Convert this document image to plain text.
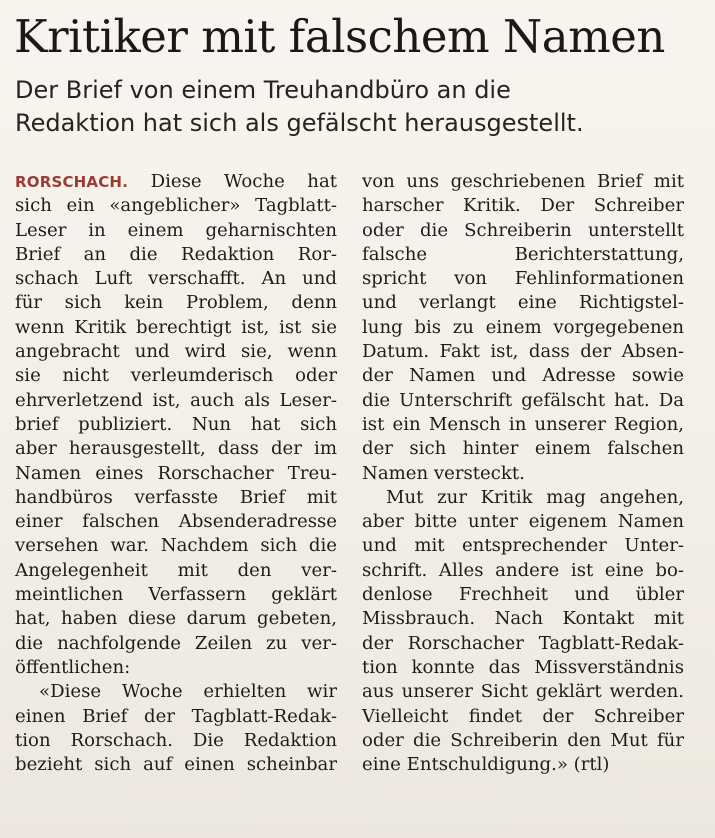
Kritiker mit falschem Namen
Der Brief von einem Treuhandbüro an die
Redaktion hat sich als gefälscht herausgestellt.
RORSCHACH. Diese Woche hat
sich ein «angeblicher» Tagblatt-
Leser in einem geharnischten
Brief an die Redaktion Ror-
schach Luft verschafft. An und
für sich kein Problem, denn
wenn Kritik berechtigt ist, ist sie
angebracht und wird sie, wenn
sie nicht verleumderisch oder
ehrverletzend ist, auch als Leser-
brief publiziert. Nun hat sich
aber herausgestellt, dass der im
Namen eines Rorschacher Treu-
handbüros verfasste Brief mit
einer falschen Absenderadresse
versehen war. Nachdem sich die
Angelegenheit mit den ver-
meintlichen Verfassern geklärt
hat, haben diese darum gebeten,
die nachfolgende Zeilen zu ver-
öffentlichen:
«Diese Woche erhielten wir
einen Brief der Tagblatt-Redak-
tion Rorschach. Die Redaktion
bezieht sich auf einen scheinbar
von uns geschriebenen Brief mit
harscher Kritik. Der Schreiber
oder die Schreiberin unterstellt
falsche Berichterstattung,
spricht von Fehlinformationen
und verlangt eine Richtigstel-
lung bis zu einem vorgegebenen
Datum. Fakt ist, dass der Absen-
der Namen und Adresse sowie
die Unterschrift gefälscht hat. Da
ist ein Mensch in unserer Region,
der sich hinter einem falschen
Namen versteckt.
Mut zur Kritik mag angehen,
aber bitte unter eigenem Namen
und mit entsprechender Unter-
schrift. Alles andere ist eine bo-
denlose Frechheit und übler
Missbrauch. Nach Kontakt mit
der Rorschacher Tagblatt-Redak-
tion konnte das Missverständnis
aus unserer Sicht geklärt werden.
Vielleicht findet der Schreiber
oder die Schreiberin den Mut für
eine Entschuldigung.» (rtl)
